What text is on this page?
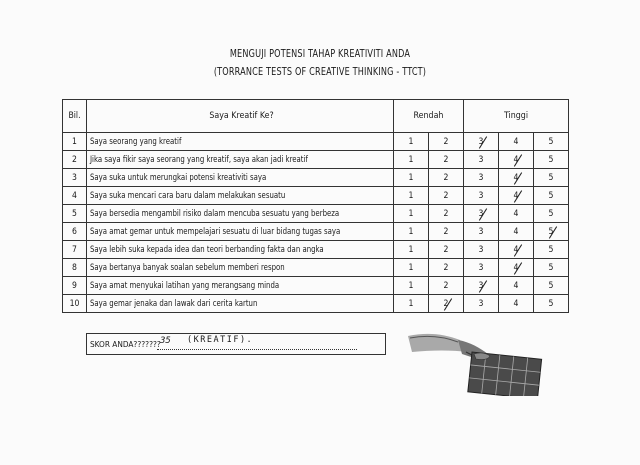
MENGUJI POTENSI TAHAP KREATIVITI ANDA
(TORRANCE TESTS OF CREATIVE THINKING - TTCT)
Bil.	Saya Kreatif Ke?	Rendah		Tinggi		
1	Saya seorang yang kreatif	1	2	3	4	5
2	Jika saya fikir saya seorang yang kreatif, saya akan jadi kreatif	1	2	3	4	5
3	Saya suka untuk merungkai potensi kreativiti saya	1	2	3	4	5
4	Saya suka mencari cara baru dalam melakukan sesuatu	1	2	3	4	5
5	Saya bersedia mengambil risiko dalam mencuba sesuatu yang berbeza	1	2	3	4	5
6	Saya amat gemar untuk mempelajari sesuatu di luar bidang tugas saya	1	2	3	4	5

7	Saya lebih suka kepada idea dan teori berbanding fakta dan angka	1	2	3	4	5
8	Saya bertanya banyak soalan sebelum memberi respon	1	2	3	4	5
9	Saya amat menyukai latihan yang merangsang minda	1	2	3	4	5
10	Saya gemar jenaka dan lawak dari cerita kartun	1	2	3	4	5
SKOR ANDA??????? 35 (KREATIF).
